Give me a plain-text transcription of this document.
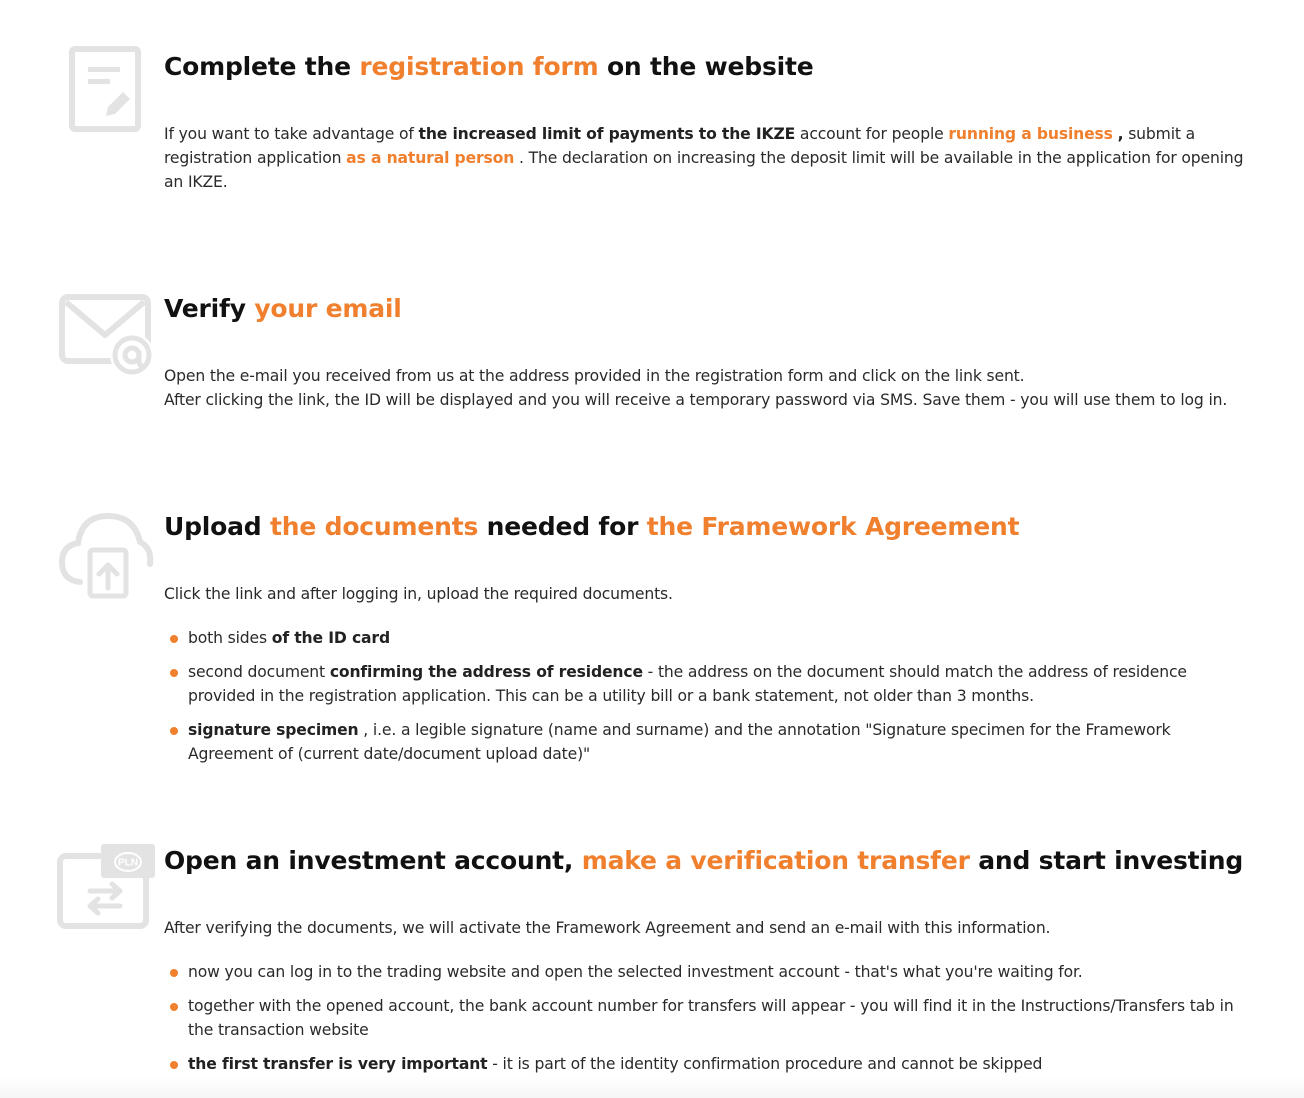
Complete the registration form on the website

If you want to take advantage of the increased limit of payments to the IKZE account for people running a business , submit a registration application as a natural person . The declaration on increasing the deposit limit will be available in the application for opening an IKZE.

Verify your email
Open the e-mail you received from us at the address provided in the registration form and click on the link sent.
After clicking the link, the ID will be displayed and you will receive a temporary password via SMS. Save them - you will use them to log in.
Upload the documents needed for the Framework Agreement

Click the link and after logging in, upload the required documents.

both sides of the ID card
second document confirming the address of residence - the address on the document should match the address of residence provided in the registration application. This can be a utility bill or a bank statement, not older than 3 months.
signature specimen , i.e. a legible signature (name and surname) and the annotation "Signature specimen for the Framework Agreement of (current date/document upload date)"
PLN Open an investment account, make a verification transfer and start investing

After verifying the documents, we will activate the Framework Agreement and send an e-mail with this information.

now you can log in to the trading website and open the selected investment account - that's what you're waiting for.
together with the opened account, the bank account number for transfers will appear - you will find it in the Instructions/Transfers tab in the transaction website
the first transfer is very important - it is part of the identity confirmation procedure and cannot be skipped
